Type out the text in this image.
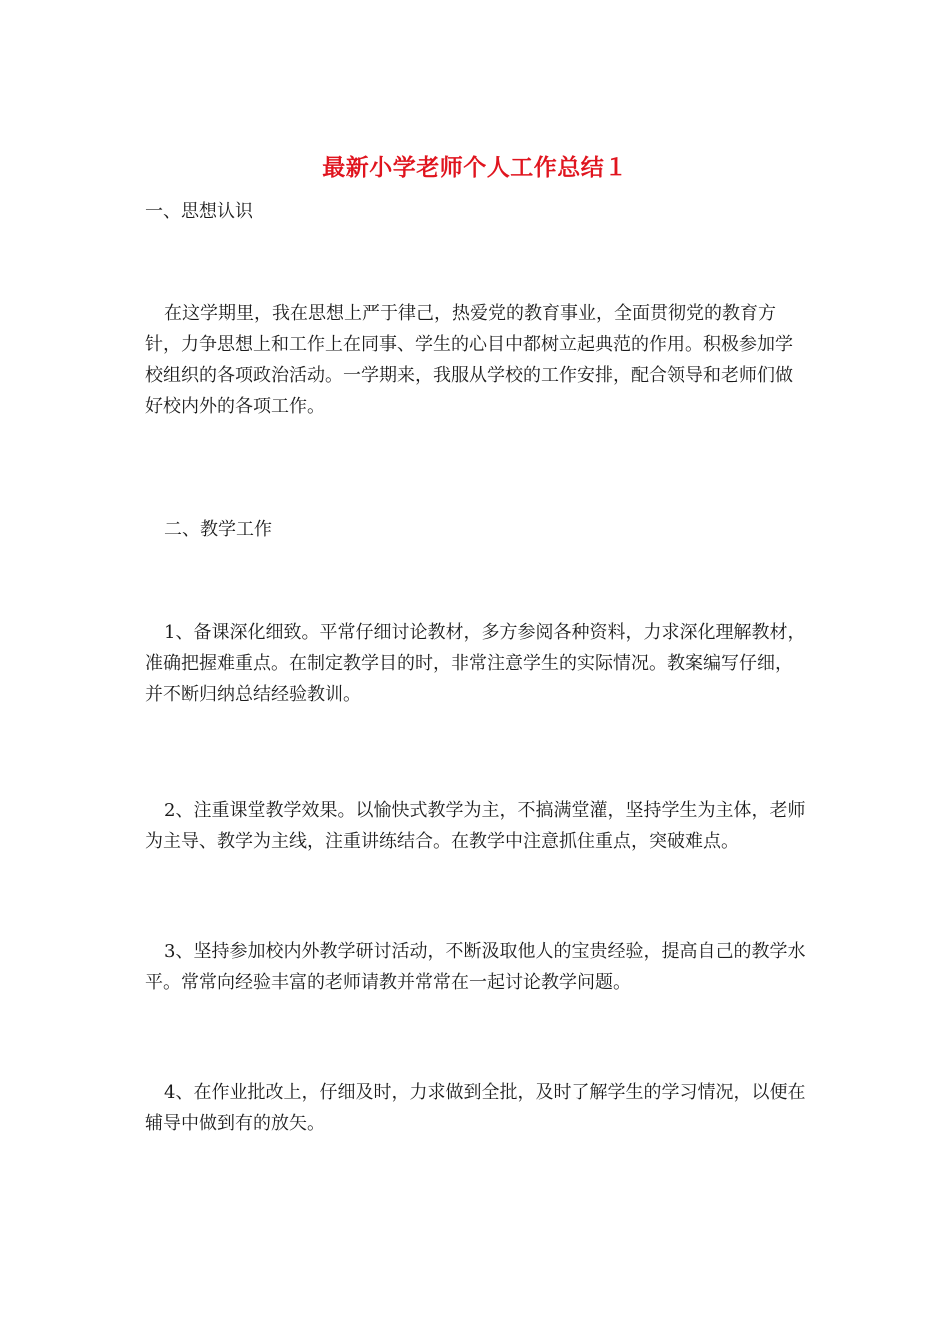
最新小学老师个人工作总结１

一、思想认识

在这学期里，我在思想上严于律己，热爱党的教育事业，全面贯彻党的教育方针，力争思想上和工作上在同事、学生的心目中都树立起典范的作用。积极参加学校组织的各项政治活动。一学期来，我服从学校的工作安排，配合领导和老师们做好校内外的各项工作。

二、教学工作

1、备课深化细致。平常仔细讨论教材，多方参阅各种资料，力求深化理解教材，准确把握难重点。在制定教学目的时，非常注意学生的实际情况。教案编写仔细，并不断归纳总结经验教训。

2、注重课堂教学效果。以愉快式教学为主，不搞满堂灌，坚持学生为主体，老师为主导、教学为主线，注重讲练结合。在教学中注意抓住重点，突破难点。

3、坚持参加校内外教学研讨活动，不断汲取他人的宝贵经验，提高自己的教学水平。常常向经验丰富的老师请教并常常在一起讨论教学问题。

4、在作业批改上，仔细及时，力求做到全批，及时了解学生的学习情况，以便在辅导中做到有的放矢。
